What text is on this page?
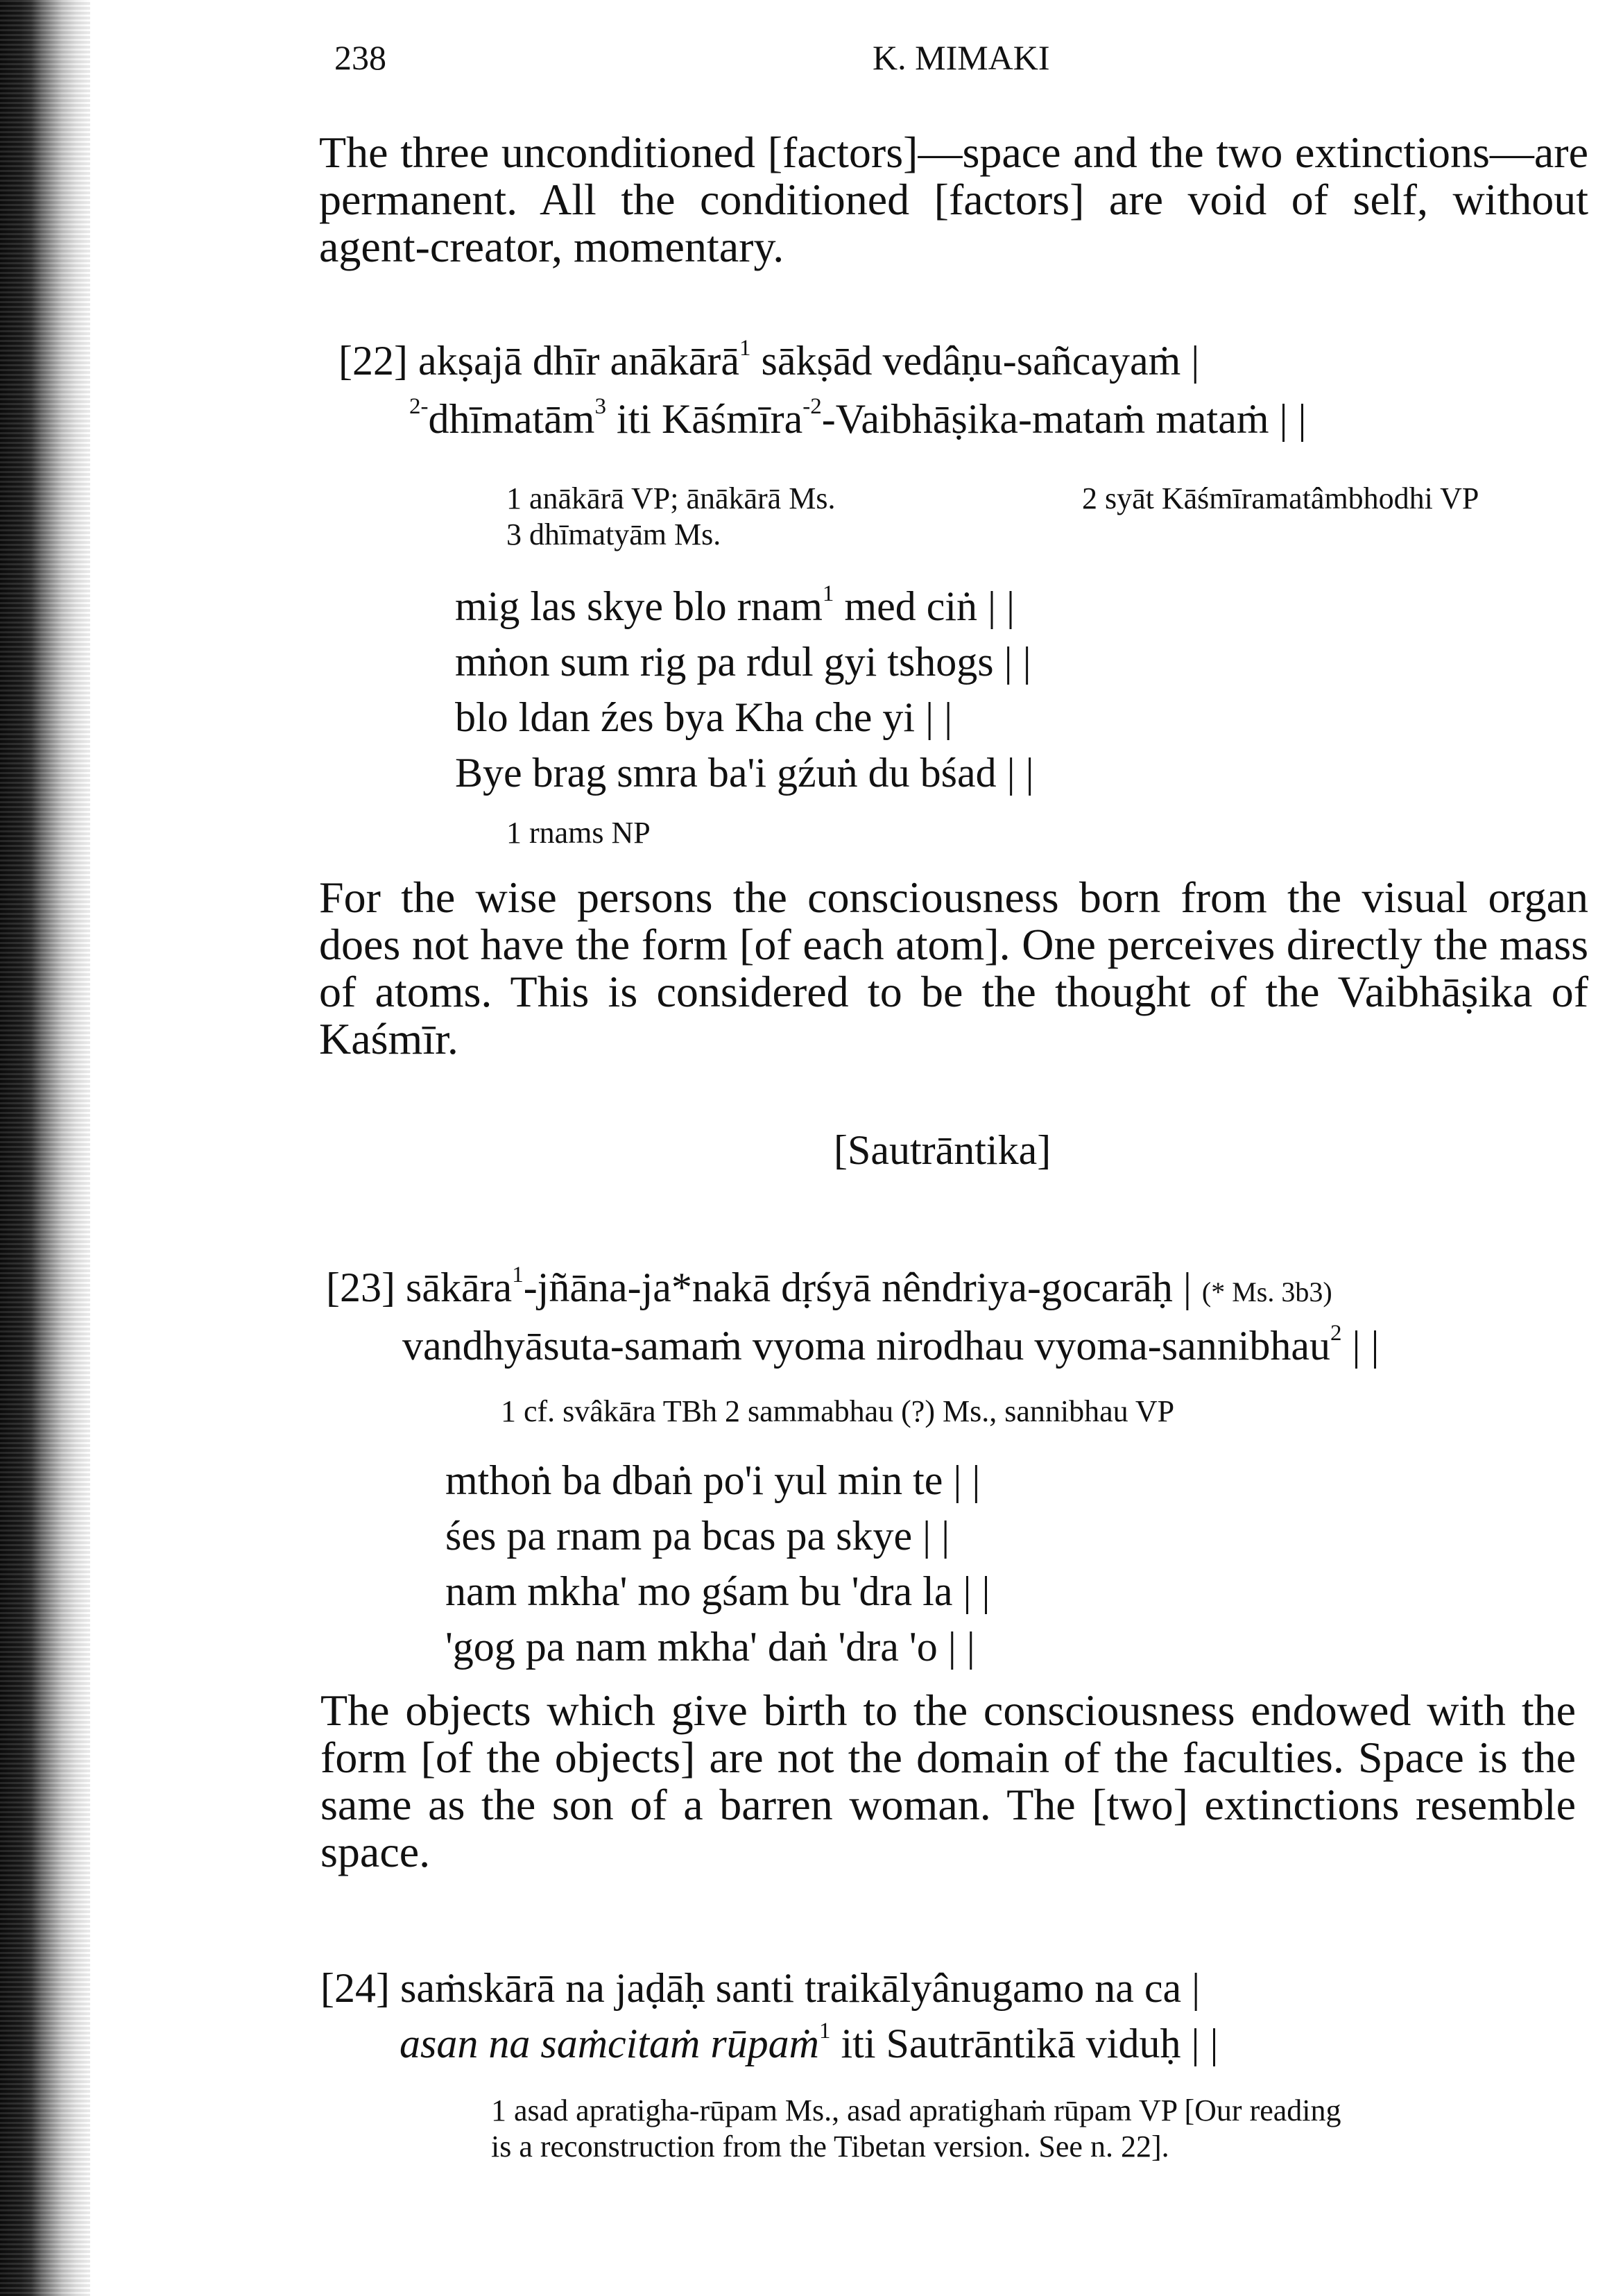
238	K. MIMAKI
The three unconditioned [factors]—space and the two extinctions—are permanent. All the conditioned [factors] are void of self, without agent-creator, momentary.
[22] akṣajā dhīr anākārā$^1$ sākṣād vedâṇu-sañcayaṁ |
$^{2-}$dhīmatām$^3$ iti Kāśmīra$^{-2}$-Vaibhāṣika-mataṁ mataṁ | |
1 anākārā VP; ānākārā Ms.	2 syāt Kāśmīramatâmbhodhi VP
3 dhīmatyām Ms.
mig las skye blo rnam$^1$ med ciṅ | |
mṅon sum rig pa rdul gyi tshogs | |
blo ldan źes bya Kha che yi | |
Bye brag smra ba'i gźuṅ du bśad | |
1 rnams NP
For the wise persons the consciousness born from the visual organ does not have the form [of each atom]. One perceives directly the mass of atoms. This is considered to be the thought of the Vaibhāṣika of Kaśmīr.
[Sautrāntika]
[23] sākāra$^1$-jñāna-ja*nakā dṛśyā nêndriya-gocarāḥ | (* Ms. 3b3)
vandhyāsuta-samaṁ vyoma nirodhau vyoma-sannibhau$^2$ | |
1 cf. svâkāra TBh 2 sammabhau (?) Ms., sannibhau VP
mthoṅ ba dbaṅ po'i yul min te | |
śes pa rnam pa bcas pa skye | |
nam mkha' mo gśam bu 'dra la | |
'gog pa nam mkha' daṅ 'dra 'o | |
The objects which give birth to the consciousness endowed with the form [of the objects] are not the domain of the faculties. Space is the same as the son of a barren woman. The [two] extinctions resemble space.
[24] saṁskārā na jaḍāḥ santi traikālyânugamo na ca |
asan na saṁcitaṁ rūpaṁ$^1$ iti Sautrāntikā viduḥ | |
1 asad apratigha-rūpam Ms., asad apratighaṁ rūpam VP [Our reading
is a reconstruction from the Tibetan version. See n. 22].
